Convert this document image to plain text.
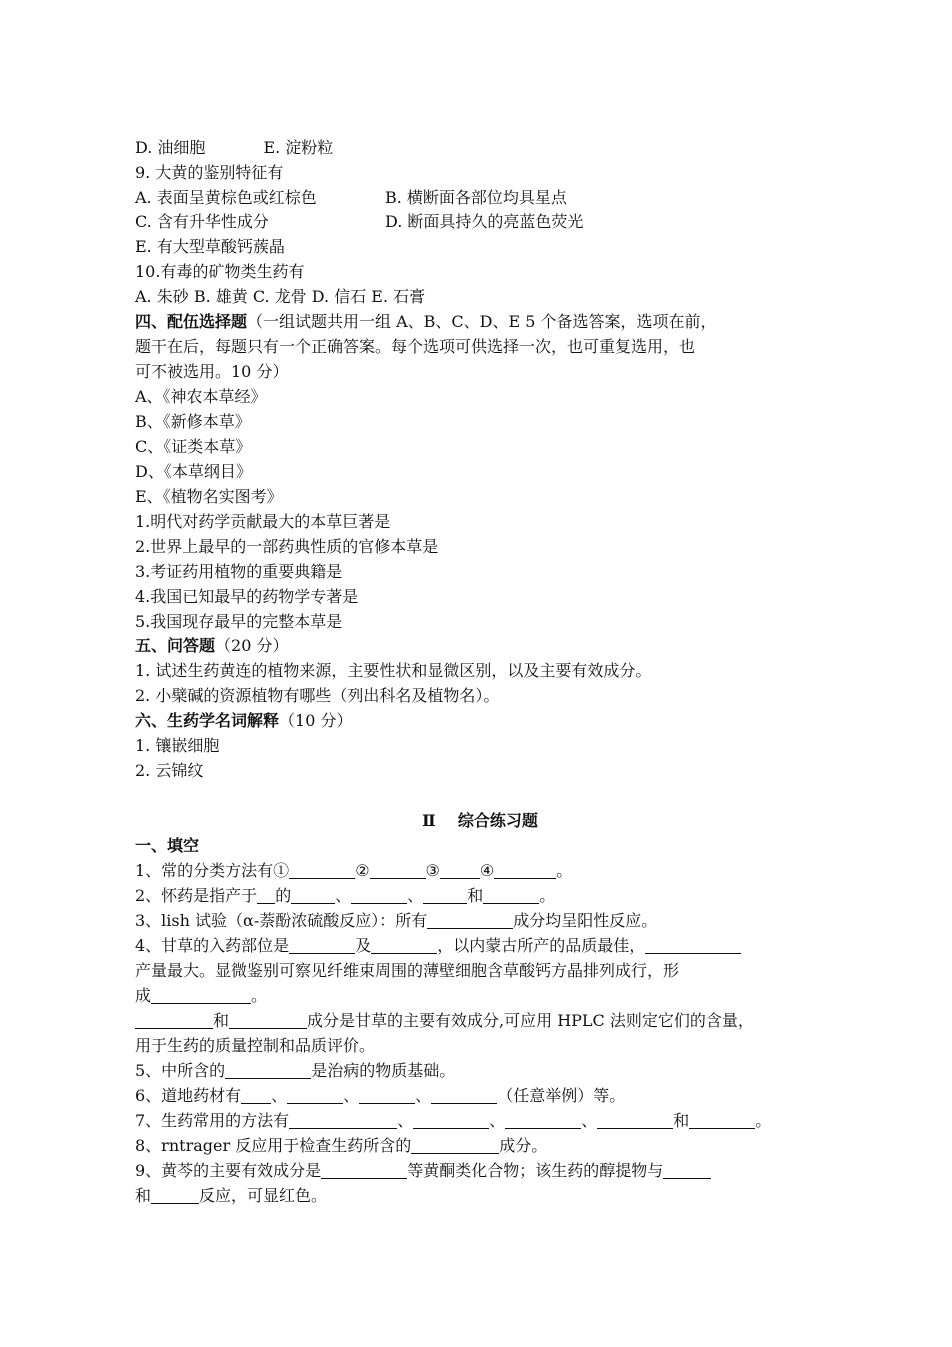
D. 油细胞	E. 淀粉粒
9. 大黄的鉴别特征有
A. 表面呈黄棕色或红棕色	B. 横断面各部位均具星点
C. 含有升华性成分	D. 断面具持久的亮蓝色荧光
E. 有大型草酸钙蔟晶
10.有毒的矿物类生药有
A. 朱砂 B. 雄黄 C. 龙骨 D. 信石 E. 石膏
四、配伍选择题（一组试题共用一组 A、B、C、D、E 5 个备选答案，选项在前，
题干在后，每题只有一个正确答案。每个选项可供选择一次，也可重复选用，也
可不被选用。10 分）
A、《神农本草经》
B、《新修本草》
C、《证类本草》
D、《本草纲目》
E、《植物名实图考》
1.明代对药学贡献最大的本草巨著是
2.世界上最早的一部药典性质的官修本草是
3.考证药用植物的重要典籍是
4.我国已知最早的药物学专著是
5.我国现存最早的完整本草是
五、问答题（20 分）
1. 试述生药黄连的植物来源，主要性状和显微区别，以及主要有效成分。
2. 小檗碱的资源植物有哪些（列出科名及植物名）。
六、生药学名词解释（10 分）
1. 镶嵌细胞
2. 云锦纹
Ⅱ    综合练习题
一、填空
1、常的分类方法有①	②	③	④	。
2、怀药是指产于 的	、	、	和	。
3、lish 试验（α-萘酚浓硫酸反应）：所有	成分均呈阳性反应。
4、甘草的入药部位是	及	，以内蒙古所产的品质最佳，
产量最大。显微鉴别可察见纤维束周围的薄壁细胞含草酸钙方晶排列成行，形
成	。
和	成分是甘草的主要有效成分,可应用 HPLC 法则定它们的含量，
用于生药的质量控制和品质评价。
5、中所含的	是治病的物质基础。
6、道地药材有 、	、	、	（任意举例）等。
7、生药常用的方法有	、	、	、	和	。
8、rntrager 反应用于检查生药所含的	成分。
9、黄芩的主要有效成分是	等黄酮类化合物；该生药的醇提物与
和	反应，可显红色。
